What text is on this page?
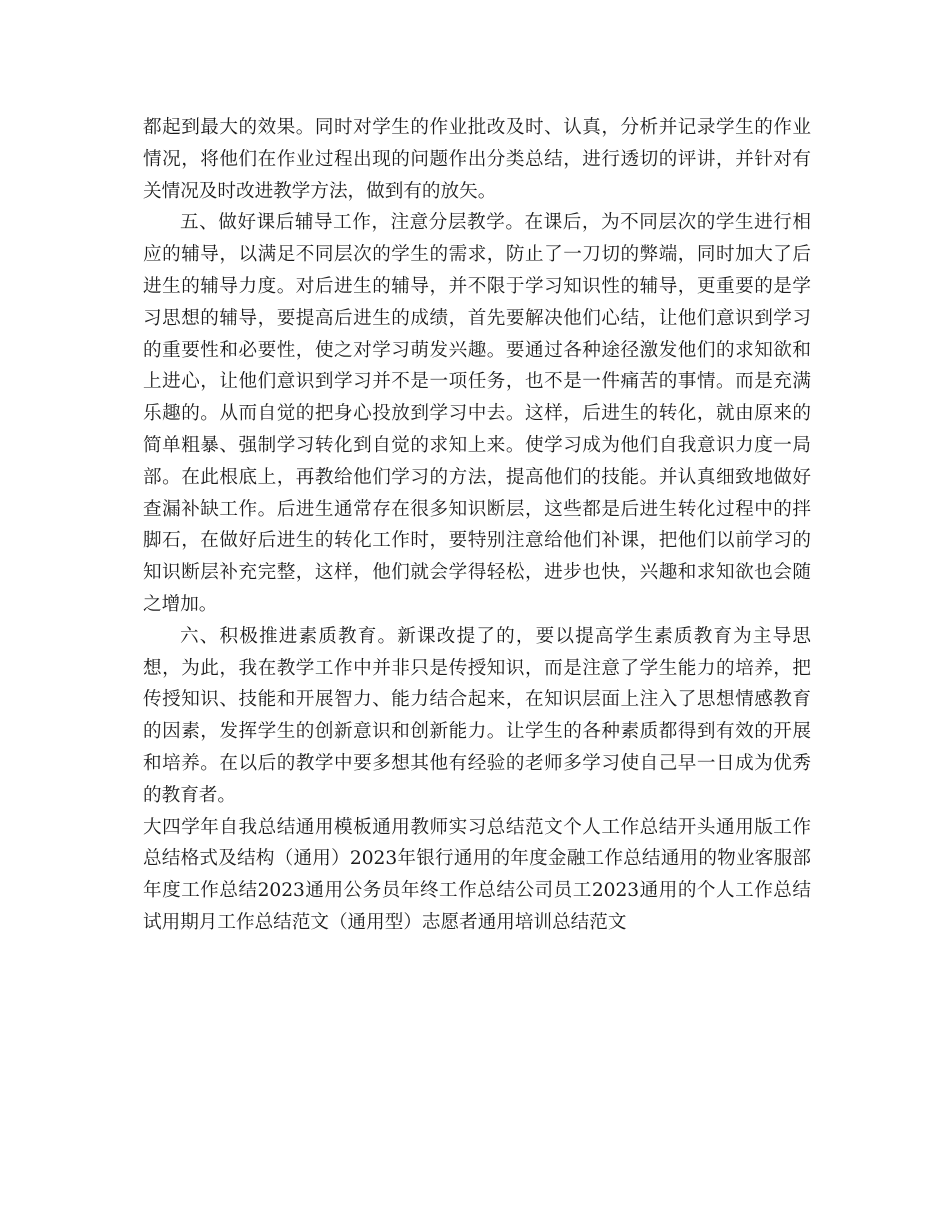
都起到最大的效果。同时对学生的作业批改及时、认真，分析并记录学生的作业情况，将他们在作业过程出现的问题作出分类总结，进行透切的评讲，并针对有关情况及时改进教学方法，做到有的放矢。

五、做好课后辅导工作，注意分层教学。在课后，为不同层次的学生进行相应的辅导，以满足不同层次的学生的需求，防止了一刀切的弊端，同时加大了后进生的辅导力度。对后进生的辅导，并不限于学习知识性的辅导，更重要的是学习思想的辅导，要提高后进生的成绩，首先要解决他们心结，让他们意识到学习的重要性和必要性，使之对学习萌发兴趣。要通过各种途径激发他们的求知欲和上进心，让他们意识到学习并不是一项任务，也不是一件痛苦的事情。而是充满乐趣的。从而自觉的把身心投放到学习中去。这样，后进生的转化，就由原来的简单粗暴、强制学习转化到自觉的求知上来。使学习成为他们自我意识力度一局部。在此根底上，再教给他们学习的方法，提高他们的技能。并认真细致地做好查漏补缺工作。后进生通常存在很多知识断层，这些都是后进生转化过程中的拌脚石，在做好后进生的转化工作时，要特别注意给他们补课，把他们以前学习的知识断层补充完整，这样，他们就会学得轻松，进步也快，兴趣和求知欲也会随之增加。

六、积极推进素质教育。新课改提了的，要以提高学生素质教育为主导思想，为此，我在教学工作中并非只是传授知识，而是注意了学生能力的培养，把传授知识、技能和开展智力、能力结合起来，在知识层面上注入了思想情感教育的因素，发挥学生的创新意识和创新能力。让学生的各种素质都得到有效的开展和培养。在以后的教学中要多想其他有经验的老师多学习使自己早一日成为优秀的教育者。

大四学年自我总结通用模板通用教师实习总结范文个人工作总结开头通用版工作总结格式及结构（通用）2023年银行通用的年度金融工作总结通用的物业客服部年度工作总结2023通用公务员年终工作总结公司员工2023通用的个人工作总结试用期月工作总结范文（通用型）志愿者通用培训总结范文
